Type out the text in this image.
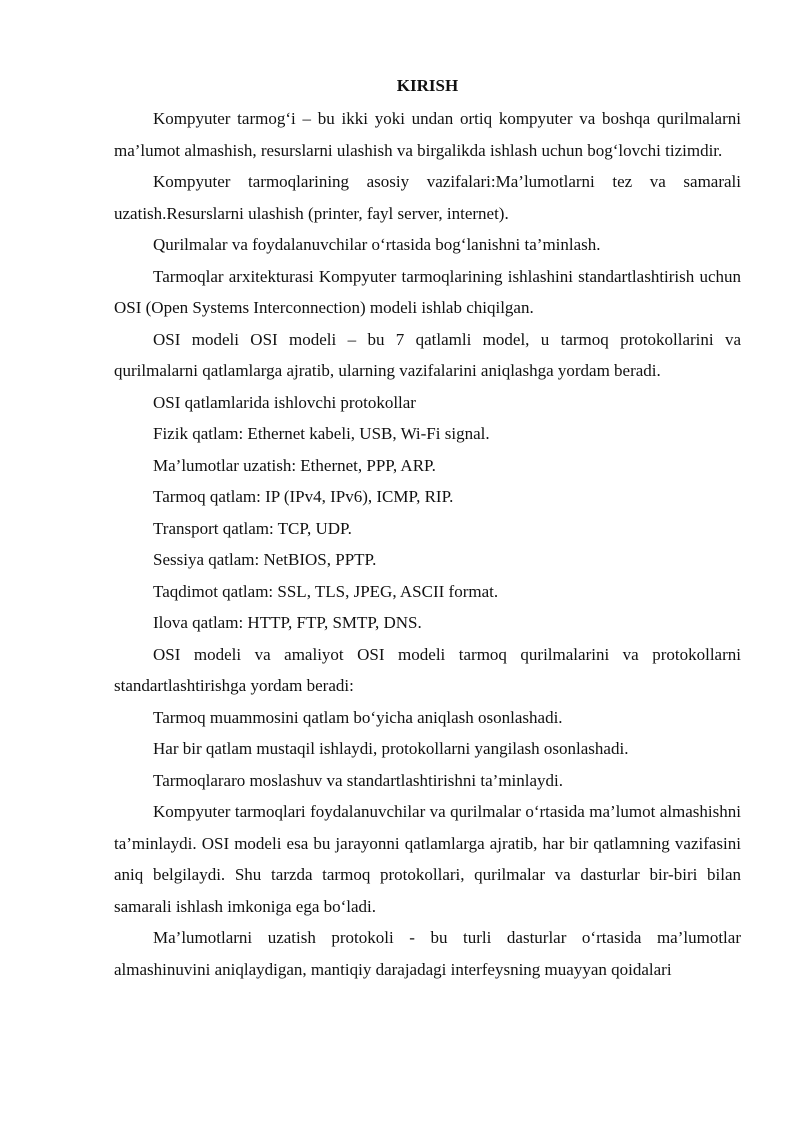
KIRISH

Kompyuter tarmog‘i – bu ikki yoki undan ortiq kompyuter va boshqa qurilmalarni ma’lumot almashish, resurslarni ulashish va birgalikda ishlash uchun bog‘lovchi tizimdir.

Kompyuter tarmoqlarining asosiy vazifalari:Ma’lumotlarni tez va samarali uzatish.Resurslarni ulashish (printer, fayl server, internet).

Qurilmalar va foydalanuvchilar o‘rtasida bog‘lanishni ta’minlash.

Tarmoqlar arxitekturasi Kompyuter tarmoqlarining ishlashini standartlashtirish uchun OSI (Open Systems Interconnection) modeli ishlab chiqilgan.

OSI modeli OSI modeli – bu 7 qatlamli model, u tarmoq protokollarini va qurilmalarni qatlamlarga ajratib, ularning vazifalarini aniqlashga yordam beradi.

OSI qatlamlarida ishlovchi protokollar

Fizik qatlam: Ethernet kabeli, USB, Wi-Fi signal.

Ma’lumotlar uzatish: Ethernet, PPP, ARP.

Tarmoq qatlam: IP (IPv4, IPv6), ICMP, RIP.

Transport qatlam: TCP, UDP.

Sessiya qatlam: NetBIOS, PPTP.

Taqdimot qatlam: SSL, TLS, JPEG, ASCII format.

Ilova qatlam: HTTP, FTP, SMTP, DNS.

OSI modeli va amaliyot OSI modeli tarmoq qurilmalarini va protokollarni standartlashtirishga yordam beradi:

Tarmoq muammosini qatlam bo‘yicha aniqlash osonlashadi.

Har bir qatlam mustaqil ishlaydi, protokollarni yangilash osonlashadi.

Tarmoqlararo moslashuv va standartlashtirishni ta’minlaydi.

Kompyuter tarmoqlari foydalanuvchilar va qurilmalar o‘rtasida ma’lumot almashishni ta’minlaydi. OSI modeli esa bu jarayonni qatlamlarga ajratib, har bir qatlamning vazifasini aniq belgilaydi. Shu tarzda tarmoq protokollari, qurilmalar va dasturlar bir-biri bilan samarali ishlash imkoniga ega bo‘ladi.

Ma’lumotlarni uzatish protokoli - bu turli dasturlar o‘rtasida ma’lumotlar almashinuvini aniqlaydigan, mantiqiy darajadagi interfeysning muayyan qoidalari
